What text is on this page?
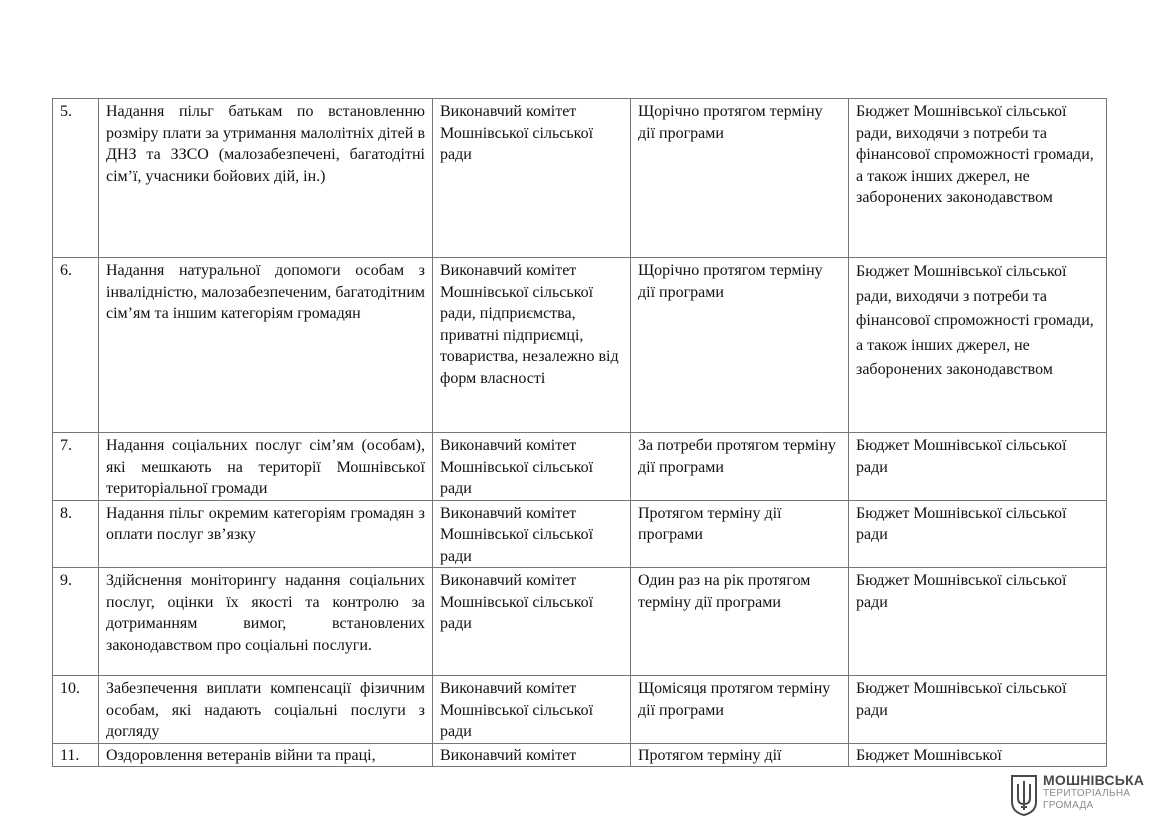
5.	Надання пільг батькам по встановленню розміру плати за утримання малолітніх дітей в ДНЗ та ЗЗСО (малозабезпечені, багатодітні сім’ї, учасники бойових дій, ін.)	Виконавчий комітет Мошнівської сільської ради	Щорічно протягом терміну дії програми	Бюджет Мошнівської сільської ради, виходячи з потреби та фінансової спроможності громади, а також інших джерел, не заборонених законодавством
6.	Надання натуральної допомоги особам з інвалідністю, малозабезпеченим, багатодітним сім’ям та іншим категоріям громадян	Виконавчий комітет Мошнівської сільської ради, підприємства, приватні підприємці, товариства, незалежно від форм власності	Щорічно протягом терміну дії програми	Бюджет Мошнівської сільської ради, виходячи з потреби та фінансової спроможності громади, а також інших джерел, не заборонених законодавством
7.	Надання соціальних послуг сім’ям (особам), які мешкають на території Мошнівської територіальної громади	Виконавчий комітет Мошнівської сільської ради	За потреби протягом терміну дії програми	Бюджет Мошнівської сільської ради
8.	Надання пільг окремим категоріям громадян з оплати послуг зв’язку	Виконавчий комітет Мошнівської сільської ради	Протягом терміну дії програми	Бюджет Мошнівської сільської ради
9.	Здійснення моніторингу надання соціальних послуг, оцінки їх якості та контролю за дотриманням вимог, встановлених законодавством про соціальні послуги.	Виконавчий комітет Мошнівської сільської ради	Один раз на рік протягом терміну дії програми	Бюджет Мошнівської сільської ради
10.	Забезпечення виплати компенсації фізичним особам, які надають соціальні послуги з догляду	Виконавчий комітет Мошнівської сільської ради	Щомісяця протягом терміну дії програми	Бюджет Мошнівської сільської ради
11.	Оздоровлення ветеранів війни та праці,	Виконавчий комітет	Протягом терміну дії	Бюджет Мошнівської
МОШНІВСЬКА
ТЕРИТОРІАЛЬНА
ГРОМАДА
